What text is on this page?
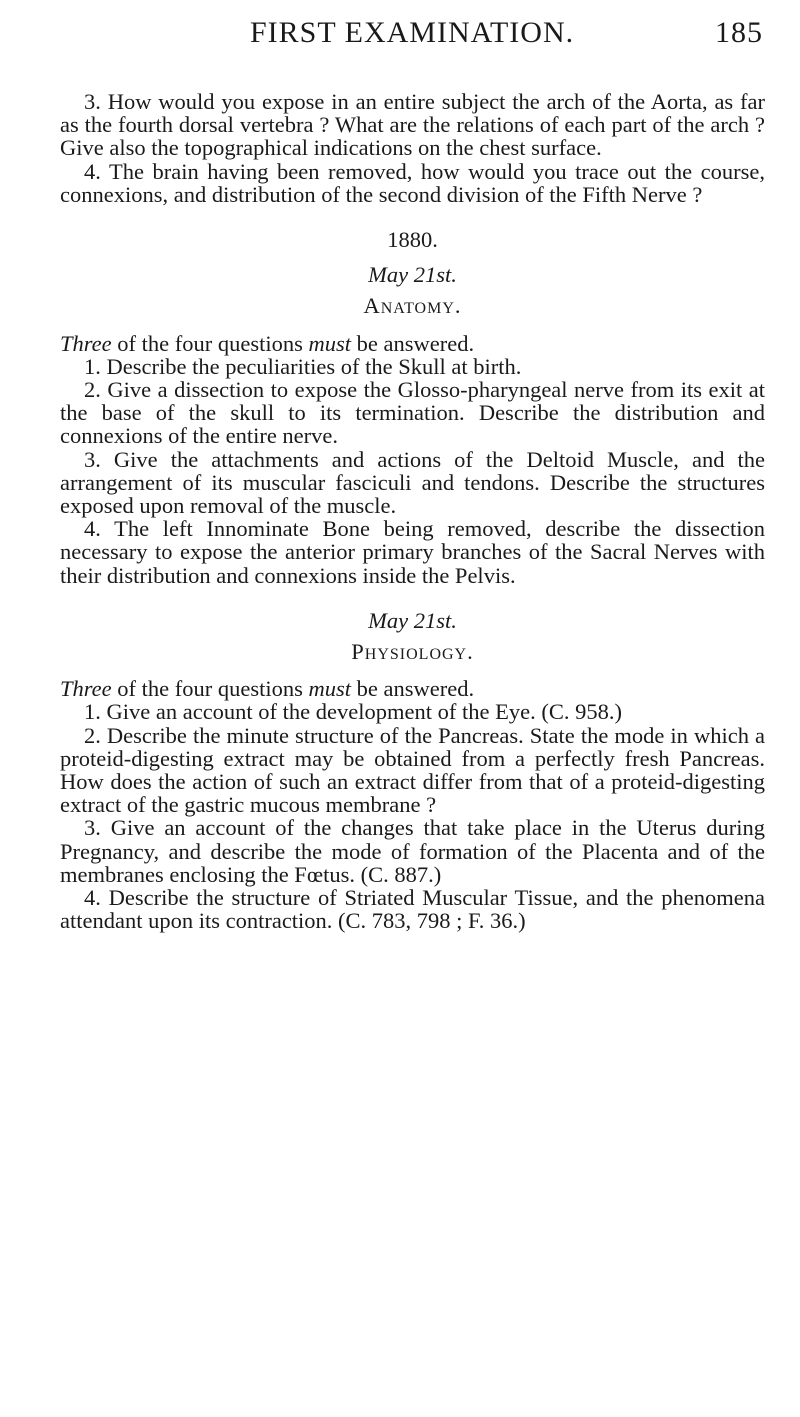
FIRST EXAMINATION.	185

3. How would you expose in an entire subject the arch of the Aorta, as far as the fourth dorsal vertebra ? What are the relations of each part of the arch ? Give also the topographical indications on the chest surface.

4. The brain having been removed, how would you trace out the course, connexions, and distribution of the second division of the Fifth Nerve ?

1880.

May 21st.

Anatomy.

Three of the four questions must be answered.

1. Describe the peculiarities of the Skull at birth.

2. Give a dissection to expose the Glosso-pharyngeal nerve from its exit at the base of the skull to its termination. Describe the distribution and connexions of the entire nerve.

3. Give the attachments and actions of the Deltoid Muscle, and the arrangement of its muscular fasciculi and tendons. Describe the structures exposed upon removal of the muscle.

4. The left Innominate Bone being removed, describe the dissection necessary to expose the anterior primary branches of the Sacral Nerves with their distribution and connexions inside the Pelvis.

May 21st.

Physiology.

Three of the four questions must be answered.

1. Give an account of the development of the Eye. (C. 958.)

2. Describe the minute structure of the Pancreas. State the mode in which a proteid-digesting extract may be obtained from a perfectly fresh Pancreas. How does the action of such an extract differ from that of a proteid-digesting extract of the gastric mucous membrane ?

3. Give an account of the changes that take place in the Uterus during Pregnancy, and describe the mode of formation of the Placenta and of the membranes enclosing the Fœtus. (C. 887.)

4. Describe the structure of Striated Muscular Tissue, and the phenomena attendant upon its contraction. (C. 783, 798 ; F. 36.)
